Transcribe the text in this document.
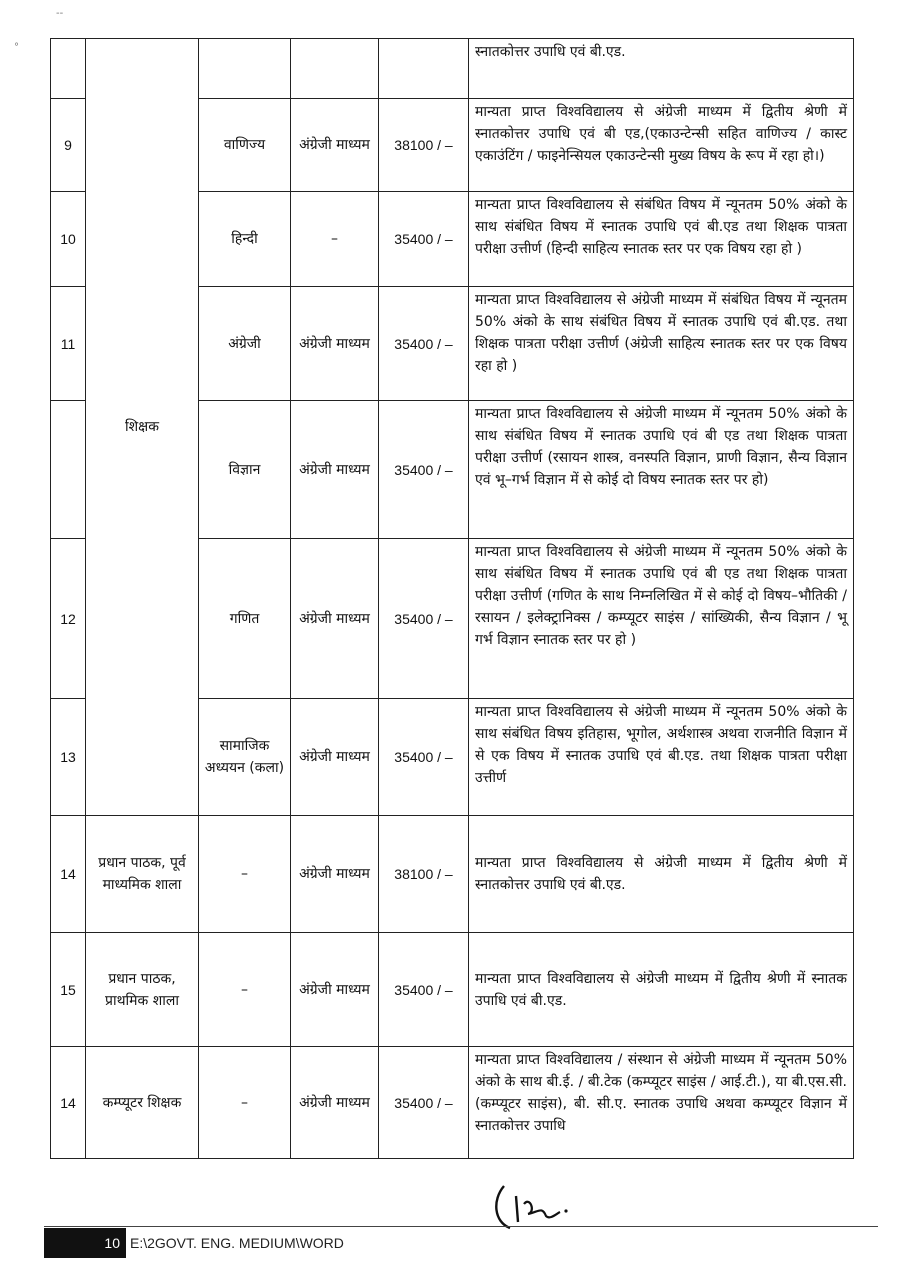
--
°
	शिक्षक				स्नातकोत्तर उपाधि एवं बी.एड.
9		वाणिज्य	अंग्रेजी माध्यम	38100 / –	मान्यता प्राप्त विश्वविद्यालय से अंग्रेजी माध्यम में द्वितीय श्रेणी में स्नातकोत्तर उपाधि एवं बी एड,(एकाउन्टेन्सी सहित वाणिज्य / कास्ट एकाउंटिंग / फाइनेन्सियल एकाउन्टेन्सी मुख्य विषय के रूप में रहा हो।)
10		हिन्दी	–	35400 / –	मान्यता प्राप्त विश्वविद्यालय से संबंधित विषय में न्यूनतम 50% अंको के साथ संबंधित विषय में स्नातक उपाधि एवं बी.एड तथा शिक्षक पात्रता परीक्षा उत्तीर्ण (हिन्दी साहित्य स्नातक स्तर पर एक विषय रहा हो )
11		अंग्रेजी	अंग्रेजी माध्यम	35400 / –	मान्यता प्राप्त विश्वविद्यालय से अंग्रेजी माध्यम में संबंधित विषय में न्यूनतम 50% अंको के साथ संबंधित विषय में स्नातक उपाधि एवं बी.एड. तथा शिक्षक पात्रता परीक्षा उत्तीर्ण (अंग्रेजी साहित्य स्नातक स्तर पर एक विषय रहा हो )
		विज्ञान	अंग्रेजी माध्यम	35400 / –	मान्यता प्राप्त विश्वविद्यालय से अंग्रेजी माध्यम में न्यूनतम 50% अंको के साथ संबंधित विषय में स्नातक उपाधि एवं बी एड तथा शिक्षक पात्रता परीक्षा उत्तीर्ण (रसायन शास्त्र, वनस्पति विज्ञान, प्राणी विज्ञान, सैन्य विज्ञान एवं भू–गर्भ विज्ञान में से कोई दो विषय स्नातक स्तर पर हो)
12		गणित	अंग्रेजी माध्यम	35400 / –	मान्यता प्राप्त विश्वविद्यालय से अंग्रेजी माध्यम में न्यूनतम 50% अंको के साथ संबंधित विषय में स्नातक उपाधि एवं बी एड तथा शिक्षक पात्रता परीक्षा उत्तीर्ण (गणित के साथ निम्नलिखित में से कोई दो विषय–भौतिकी / रसायन / इलेक्ट्रानिक्स / कम्प्यूटर साइंस / सांख्यिकी, सैन्य विज्ञान / भू गर्भ विज्ञान स्नातक स्तर पर हो )
13		सामाजिक अध्ययन (कला)	अंग्रेजी माध्यम	35400 / –	मान्यता प्राप्त विश्वविद्यालय से अंग्रेजी माध्यम में न्यूनतम 50% अंको के साथ संबंधित विषय इतिहास, भूगोल, अर्थशास्त्र अथवा राजनीति विज्ञान में से एक विषय में स्नातक उपाधि एवं बी.एड. तथा शिक्षक पात्रता परीक्षा उत्तीर्ण
14	प्रधान पाठक, पूर्व माध्यमिक शाला	–	अंग्रेजी माध्यम	38100 / –	मान्यता प्राप्त विश्वविद्यालय से अंग्रेजी माध्यम में द्वितीय श्रेणी में स्नातकोत्तर उपाधि एवं बी.एड.
15	प्रधान पाठक, प्राथमिक शाला	–	अंग्रेजी माध्यम	35400 / –	मान्यता प्राप्त विश्वविद्यालय से अंग्रेजी माध्यम में द्वितीय श्रेणी में स्नातक उपाधि एवं बी.एड.
14	कम्प्यूटर शिक्षक	–	अंग्रेजी माध्यम	35400 / –	मान्यता प्राप्त विश्वविद्यालय / संस्थान से अंग्रेजी माध्यम में न्यूनतम 50% अंको के साथ बी.ई. / बी.टेक (कम्प्यूटर साइंस / आई.टी.), या बी.एस.सी.(कम्प्यूटर साइंस), बी. सी.ए. स्नातक उपाधि अथवा कम्प्यूटर विज्ञान में स्नातकोत्तर उपाधि
10 E:\2GOVT. ENG. MEDIUM\WORD
